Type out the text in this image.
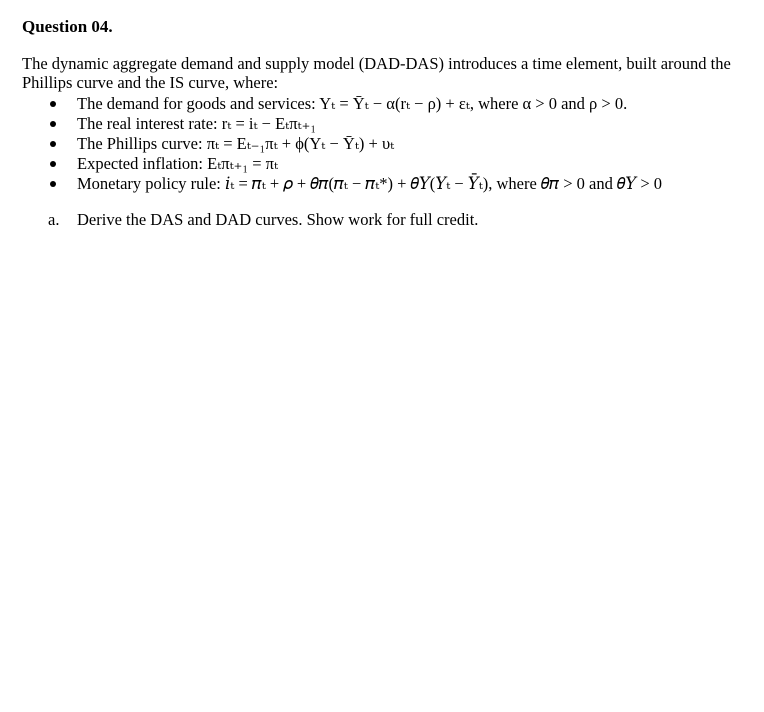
Question 04.

The dynamic aggregate demand and supply model (DAD-DAS) introduces a time element, built around the Phillips curve and the IS curve, where:

The demand for goods and services: Yₜ = Ȳₜ − α(rₜ − ρ) + εₜ, where α > 0 and ρ > 0.
The real interest rate: rₜ = iₜ − Eₜπₜ₊₁
The Phillips curve: πₜ = Eₜ₋₁πₜ + ϕ(Yₜ − Ȳₜ) + υₜ
Expected inflation: Eₜπₜ₊₁ = πₜ
Monetary policy rule: 𝑖ₜ = 𝜋ₜ + 𝜌 + 𝜃𝜋(𝜋ₜ − 𝜋ₜ*) + 𝜃𝑌(𝑌ₜ − 𝑌̄ₜ), where 𝜃𝜋 > 0 and 𝜃𝑌 > 0
a. Derive the DAS and DAD curves. Show work for full credit.
